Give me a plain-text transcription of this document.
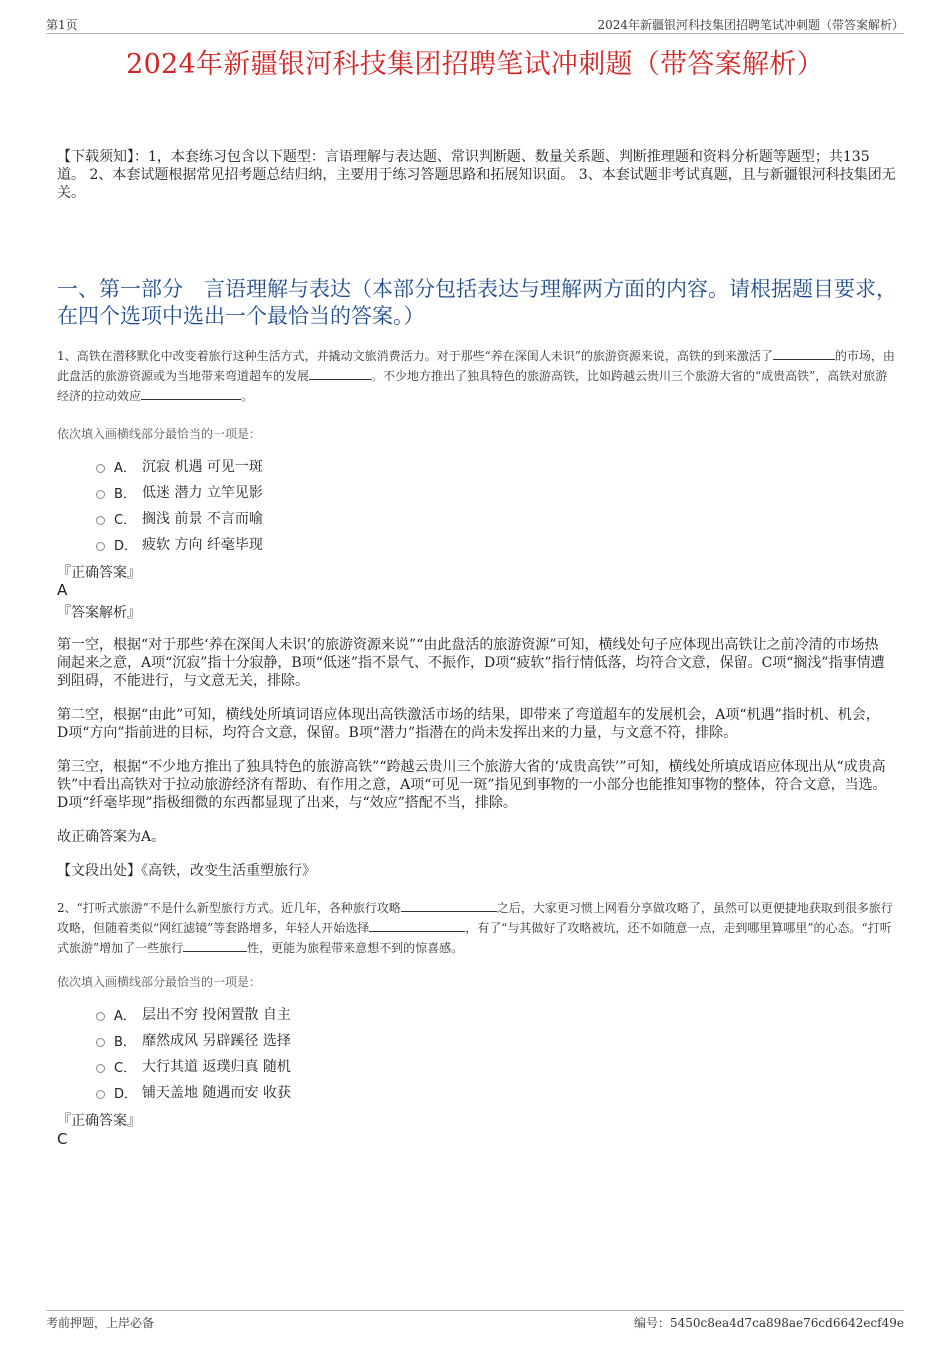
第1页	2024年新疆银河科技集团招聘笔试冲刺题（带答案解析）
2024年新疆银河科技集团招聘笔试冲刺题（带答案解析）
【下载须知】：1，本套练习包含以下题型：言语理解与表达题、常识判断题、数量关系题、判断推理题和资料分析题等题型；共135道。 2、本套试题根据常见招考题总结归纳，主要用于练习答题思路和拓展知识面。 3、本套试题非考试真题，且与新疆银河科技集团无关。
一、第一部分　言语理解与表达（本部分包括表达与理解两方面的内容。请根据题目要求，在四个选项中选出一个最恰当的答案。）
1、高铁在潜移默化中改变着旅行这种生活方式，并撬动文旅消费活力。对于那些“养在深闺人未识”的旅游资源来说，高铁的到来激活了	的市场，由此盘活的旅游资源或为当地带来弯道超车的发展	。不少地方推出了独具特色的旅游高铁，比如跨越云贵川三个旅游大省的“成贵高铁”，高铁对旅游经济的拉动效应	。
依次填入画横线部分最恰当的一项是：
A． 沉寂 机遇 可见一斑
B． 低迷 潜力 立竿见影
C． 搁浅 前景 不言而喻
D． 疲软 方向 纤毫毕现
『正确答案』
A
『答案解析』
第一空，根据“对于那些‘养在深闺人未识’的旅游资源来说”“由此盘活的旅游资源”可知，横线处句子应体现出高铁让之前冷清的市场热闹起来之意，A项“沉寂”指十分寂静，B项“低迷”指不景气、不振作，D项“疲软”指行情低落，均符合文意，保留。C项“搁浅”指事情遭到阻碍，不能进行，与文意无关，排除。
第二空，根据“由此”可知，横线处所填词语应体现出高铁激活市场的结果，即带来了弯道超车的发展机会，A项“机遇”指时机、机会，D项“方向”指前进的目标，均符合文意，保留。B项“潜力”指潜在的尚未发挥出来的力量，与文意不符，排除。
第三空，根据“不少地方推出了独具特色的旅游高铁”“跨越云贵川三个旅游大省的‘成贵高铁’”可知，横线处所填成语应体现出从“成贵高铁”中看出高铁对于拉动旅游经济有帮助、有作用之意，A项“可见一斑”指见到事物的一小部分也能推知事物的整体，符合文意，当选。D项“纤毫毕现”指极细微的东西都显现了出来，与“效应”搭配不当，排除。
故正确答案为A。
【文段出处】《高铁，改变生活重塑旅行》
2、“打听式旅游”不是什么新型旅行方式。近几年，各种旅行攻略	之后，大家更习惯上网看分享做攻略了，虽然可以更便捷地获取到很多旅行攻略，但随着类似“网红滤镜”等套路增多，年轻人开始选择	，有了“与其做好了攻略被坑，还不如随意一点，走到哪里算哪里”的心态。“打听式旅游”增加了一些旅行	性，更能为旅程带来意想不到的惊喜感。
依次填入画横线部分最恰当的一项是：
A． 层出不穷 投闲置散 自主
B． 靡然成风 另辟蹊径 选择
C． 大行其道 返璞归真 随机
D． 铺天盖地 随遇而安 收获
『正确答案』
C
考前押题，上岸必备	编号：5450c8ea4d7ca898ae76cd6642ecf49e
